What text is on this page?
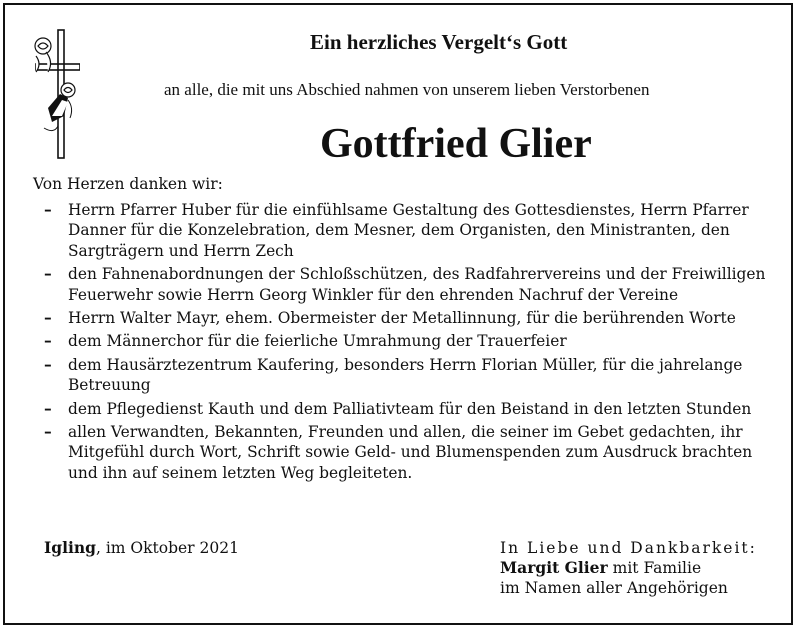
Ein herzliches Vergelt‘s Gott
an alle, die mit uns Abschied nahmen von unserem lieben Verstorbenen
Gottfried Glier
Von Herzen danken wir:
– Herrn Pfarrer Huber für die einfühlsame Gestaltung des Gottesdienstes, Herrn Pfarrer Danner für die Konzelebration, dem Mesner, dem Organisten, den Ministranten, den Sargträgern und Herrn Zech
– den Fahnenabordnungen der Schloßschützen, des Radfahrervereins und der Freiwilligen Feuerwehr sowie Herrn Georg Winkler für den ehrenden Nachruf der Vereine
– Herrn Walter Mayr, ehem. Obermeister der Metallinnung, für die berührenden Worte
– dem Männerchor für die feierliche Umrahmung der Trauerfeier
– dem Hausärztezentrum Kaufering, besonders Herrn Florian Müller, für die jahrelange Betreuung
– dem Pflegedienst Kauth und dem Palliativteam für den Beistand in den letzten Stunden
– allen Verwandten, Bekannten, Freunden und allen, die seiner im Gebet gedachten, ihr Mitgefühl durch Wort, Schrift sowie Geld- und Blumenspenden zum Ausdruck brachten und ihn auf seinem letzten Weg begleiteten.
Igling, im Oktober 2021	In Liebe und Dankbarkeit:
Margit Glier mit Familie
im Namen aller Angehörigen
